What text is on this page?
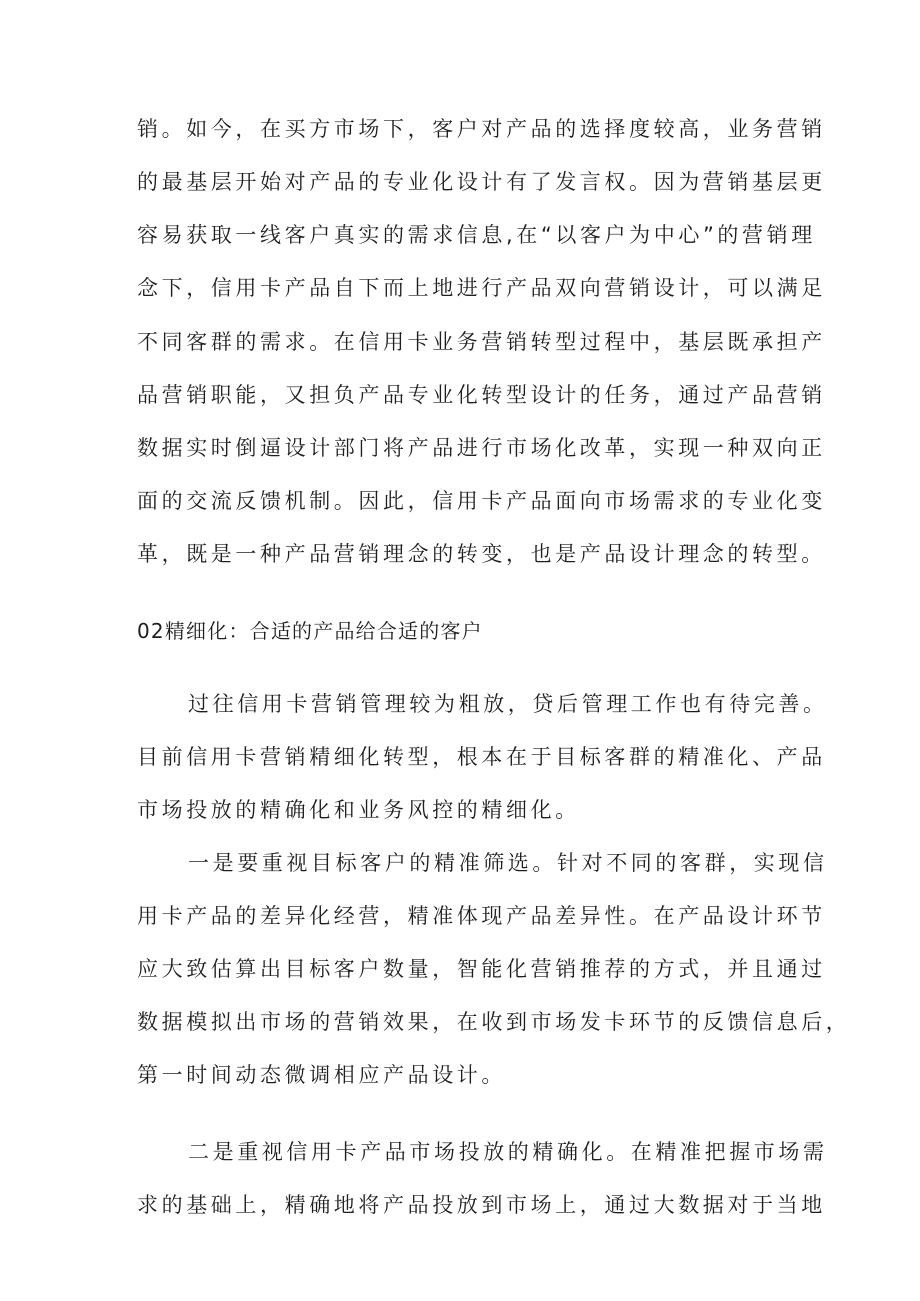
销。如今，在买方市场下，客户对产品的选择度较高，业务营销
的最基层开始对产品的专业化设计有了发言权。因为营销基层更
容易获取一线客户真实的需求信息,在“以客户为中心”的营销理
念下，信用卡产品自下而上地进行产品双向营销设计，可以满足
不同客群的需求。在信用卡业务营销转型过程中，基层既承担产
品营销职能，又担负产品专业化转型设计的任务，通过产品营销
数据实时倒逼设计部门将产品进行市场化改革，实现一种双向正
面的交流反馈机制。因此，信用卡产品面向市场需求的专业化变
革，既是一种产品营销理念的转变，也是产品设计理念的转型。
02精细化：合适的产品给合适的客户
过往信用卡营销管理较为粗放，贷后管理工作也有待完善。
目前信用卡营销精细化转型，根本在于目标客群的精准化、产品
市场投放的精确化和业务风控的精细化。
一是要重视目标客户的精准筛选。针对不同的客群，实现信
用卡产品的差异化经营，精准体现产品差异性。在产品设计环节
应大致估算出目标客户数量，智能化营销推荐的方式，并且通过
数据模拟出市场的营销效果，在收到市场发卡环节的反馈信息后，
第一时间动态微调相应产品设计。
二是重视信用卡产品市场投放的精确化。在精准把握市场需
求的基础上，精确地将产品投放到市场上，通过大数据对于当地
